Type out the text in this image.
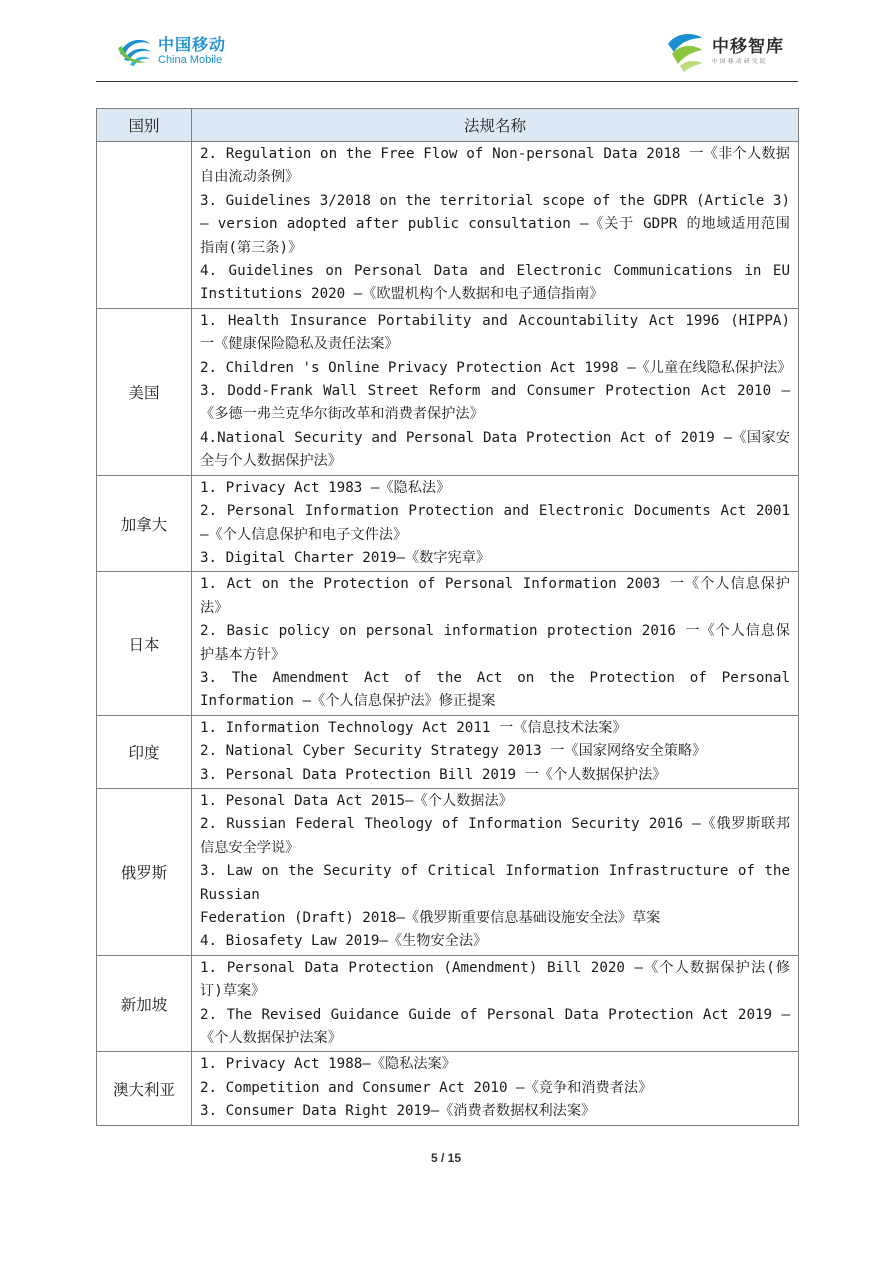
中国移动
China Mobile
中移智库
中国移动研究院
国别	法规名称

	2. Regulation on the Free Flow of Non-personal Data 2018 一《非个人数据自由流动条例》
3. Guidelines 3/2018 on the territorial scope of the GDPR (Article 3) – version adopted after public consultation —《关于 GDPR 的地域适用范围指南(第三条)》
4. Guidelines on Personal Data and Electronic Communications in EU Institutions 2020 —《欧盟机构个人数据和电子通信指南》

美国	1. Health Insurance Portability and Accountability Act 1996 (HIPPA) 一《健康保险隐私及责任法案》
2. Children 's Online Privacy Protection Act 1998 —《儿童在线隐私保护法》
3. Dodd-Frank Wall Street Reform and Consumer Protection Act 2010 —《多德一弗兰克华尔街改革和消费者保护法》
4.National Security and Personal Data Protection Act of 2019 —《国家安全与个人数据保护法》

加拿大	1. Privacy Act 1983 —《隐私法》
2. Personal Information Protection and Electronic Documents Act 2001 —《个人信息保护和电子文件法》
3. Digital Charter 2019—《数字宪章》

日本	1. Act on the Protection of Personal Information 2003 一《个人信息保护法》
2. Basic policy on personal information protection 2016 一《个人信息保护基本方针》
3. The Amendment Act of the Act on the Protection of Personal Information —《个人信息保护法》修正提案

印度	1. Information Technology Act 2011 一《信息技术法案》
2. National Cyber Security Strategy 2013 一《国家网络安全策略》
3. Personal Data Protection Bill 2019 一《个人数据保护法》

俄罗斯	1. Pesonal Data Act 2015—《个人数据法》
2. Russian Federal Theology of Information Security 2016 —《俄罗斯联邦信息安全学说》
3. Law on the Security of Critical Information Infrastructure of the Russian
Federation (Draft) 2018—《俄罗斯重要信息基础设施安全法》草案
4. Biosafety Law 2019—《生物安全法》

新加坡	1. Personal Data Protection (Amendment) Bill 2020 —《个人数据保护法(修订)草案》
2. The Revised Guidance Guide of Personal Data Protection Act 2019 —《个人数据保护法案》

澳大利亚	1. Privacy Act 1988—《隐私法案》
2. Competition and Consumer Act 2010 —《竞争和消费者法》
3. Consumer Data Right 2019—《消费者数据权利法案》
5 / 15
